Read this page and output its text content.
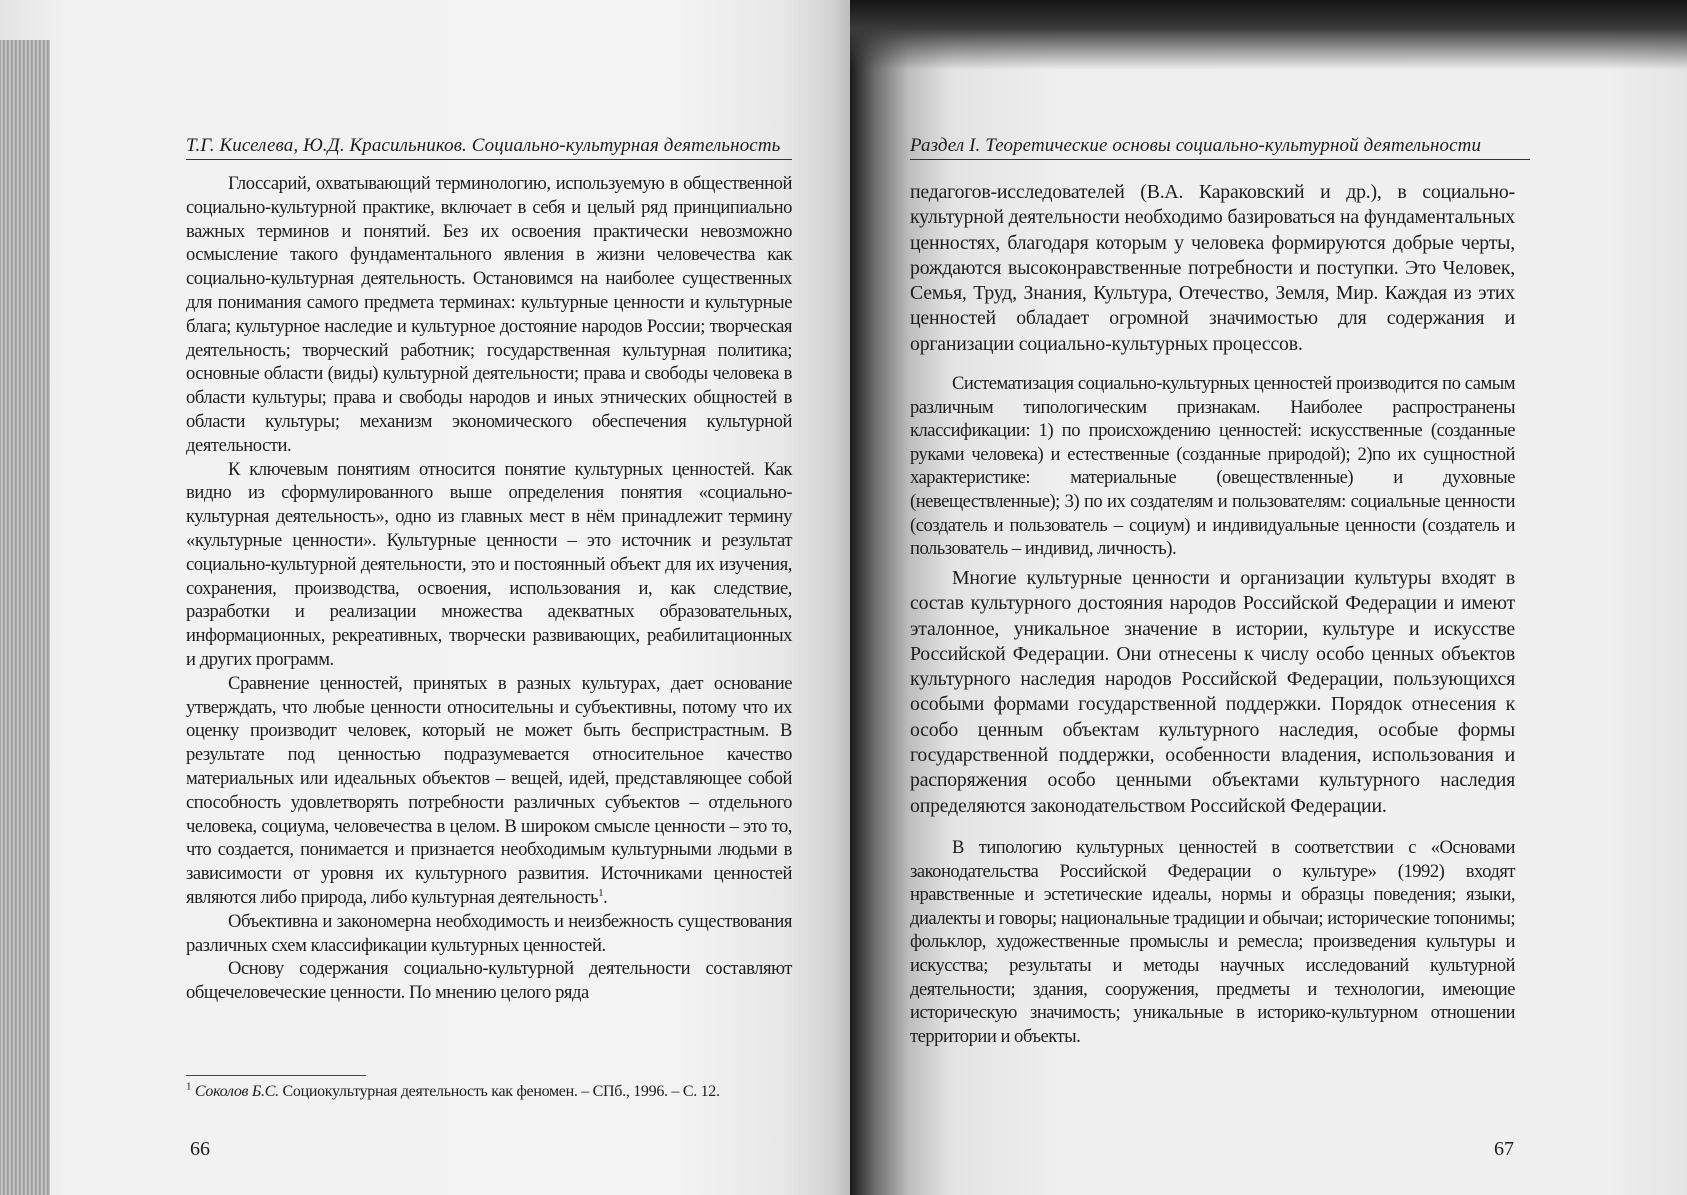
Т.Г. Киселева, Ю.Д. Красильников. Социально-культурная деятельность

Глоссарий, охватывающий терминологию, используемую в общественной социально-культурной практике, включает в себя и целый ряд принципиально важных терминов и понятий. Без их освоения практически невозможно осмысление такого фундаментального явления в жизни человечества как социально-культурная деятельность. Остановимся на наиболее существенных для понимания самого предмета терминах: культурные ценности и культурные блага; культурное наследие и культурное достояние народов России; творческая деятельность; творческий работник; государственная культурная политика; основные области (виды) культурной деятельности; права и свободы человека в области культуры; права и свободы народов и иных этнических общностей в области культуры; механизм экономического обеспечения культурной деятельности.

К ключевым понятиям относится понятие культурных ценностей. Как видно из сформулированного выше определения понятия «социально-культурная деятельность», одно из главных мест в нём принадлежит термину «культурные ценности». Культурные ценности – это источник и результат социально-культурной деятельности, это и постоянный объект для их изучения, сохранения, производства, освоения, использования и, как следствие, разработки и реализации множества адекватных образовательных, информационных, рекреативных, творчески развивающих, реабилитационных и других программ.

Сравнение ценностей, принятых в разных культурах, дает основание утверждать, что любые ценности относительны и субъективны, потому что их оценку производит человек, который не может быть беспристрастным. В результате под ценностью подразумевается относительное качество материальных или идеальных объектов – вещей, идей, представляющее собой способность удовлетворять потребности различных субъектов – отдельного человека, социума, человечества в целом. В широком смысле ценности – это то, что создается, понимается и признается необходимым культурными людьми в зависимости от уровня их культурного развития. Источниками ценностей являются либо природа, либо культурная деятельность$^1$.

Объективна и закономерна необходимость и неизбежность существования различных схем классификации культурных ценностей.

Основу содержания социально-культурной деятельности составляют общечеловеческие ценности. По мнению целого ряда

$^1$ Соколов Б.С. Социокультурная деятельность как феномен. – СПб., 1996. – С. 12.
66
Раздел I. Теоретические основы социально-культурной деятельности

педагогов-исследователей (В.А. Караковский и др.), в социально-культурной деятельности необходимо базироваться на фундаментальных ценностях, благодаря которым у человека формируются добрые черты, рождаются высоконравственные потребности и поступки. Это Человек, Семья, Труд, Знания, Культура, Отечество, Земля, Мир. Каждая из этих ценностей обладает огромной значимостью для содержания и организации социально-культурных процессов.

Систематизация социально-культурных ценностей производится по самым различным типологическим признакам. Наиболее распространены классификации: 1) по происхождению ценностей: искусственные (созданные руками человека) и естественные (созданные природой); 2)по их сущностной характеристике: материальные (овеществленные) и духовные (невеществленные); 3) по их создателям и пользователям: социальные ценности (создатель и пользователь – социум) и индивидуальные ценности (создатель и пользователь – индивид, личность).

Многие культурные ценности и организации культуры входят в состав культурного достояния народов Российской Федерации и имеют эталонное, уникальное значение в истории, культуре и искусстве Российской Федерации. Они отнесены к числу особо ценных объектов культурного наследия народов Российской Федерации, пользующихся особыми формами государственной поддержки. Порядок отнесения к особо ценным объектам культурного наследия, особые формы государственной поддержки, особенности владения, использования и распоряжения особо ценными объектами культурного наследия определяются законодательством Российской Федерации.

В типологию культурных ценностей в соответствии с «Основами законодательства Российской Федерации о культуре» (1992) входят нравственные и эстетические идеалы, нормы и образцы поведения; языки, диалекты и говоры; национальные традиции и обычаи; исторические топонимы; фольклор, художественные промыслы и ремесла; произведения культуры и искусства; результаты и методы научных исследований культурной деятельности; здания, сооружения, предметы и технологии, имеющие историческую значимость; уникальные в историко-культурном отношении территории и объекты.

67
